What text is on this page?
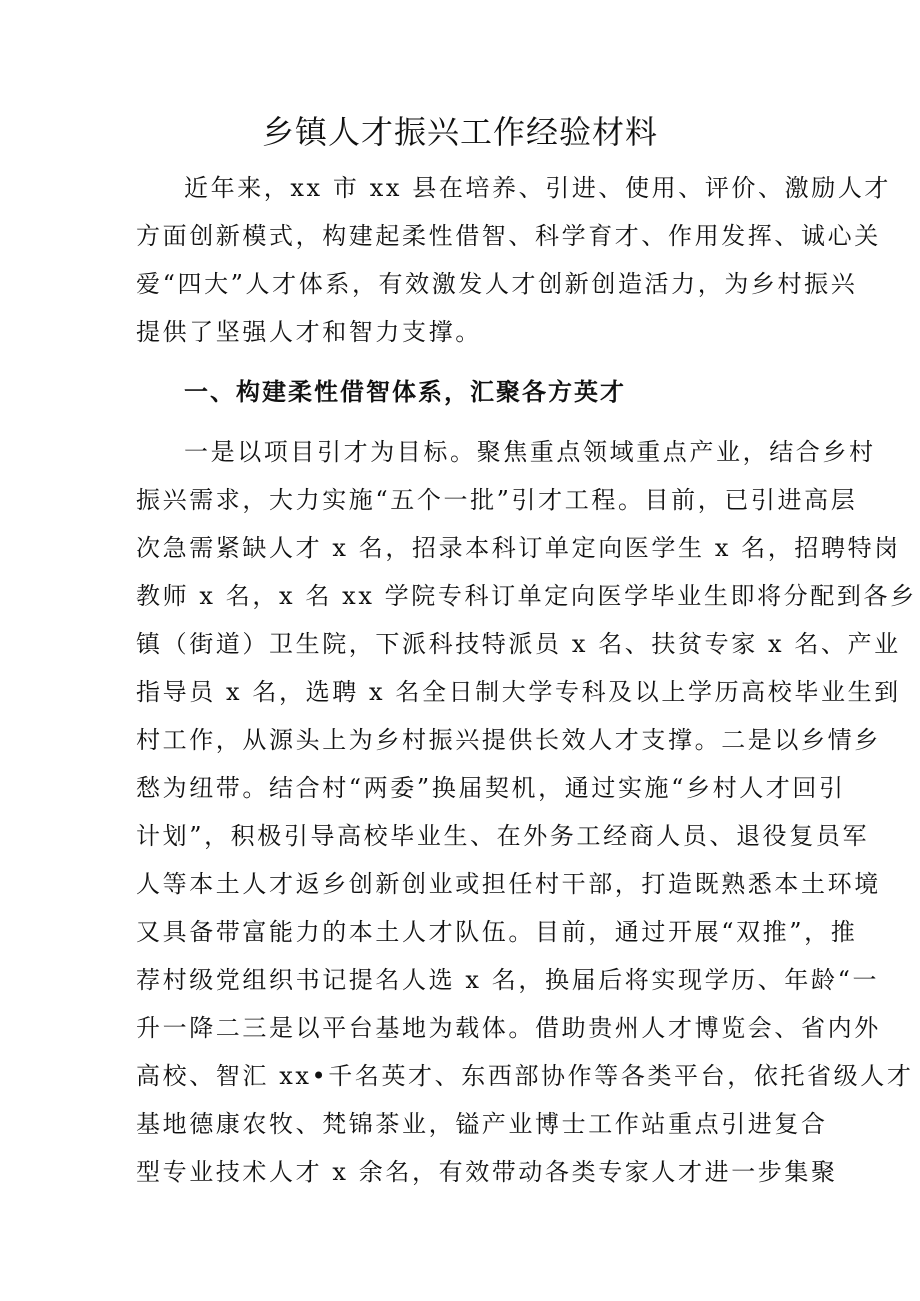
乡镇人才振兴工作经验材料

近年来，xx 市 xx 县在培养、引进、使用、评价、激励人才

方面创新模式，构建起柔性借智、科学育才、作用发挥、诚心关

爱“四大”人才体系，有效激发人才创新创造活力，为乡村振兴

提供了坚强人才和智力支撑。

一、构建柔性借智体系，汇聚各方英才

一是以项目引才为目标。聚焦重点领域重点产业，结合乡村

振兴需求，大力实施“五个一批”引才工程。目前，已引进高层

次急需紧缺人才 x 名，招录本科订单定向医学生 x 名，招聘特岗

教师 x 名，x 名 xx 学院专科订单定向医学毕业生即将分配到各乡

镇（街道）卫生院，下派科技特派员 x 名、扶贫专家 x 名、产业

指导员 x 名，选聘 x 名全日制大学专科及以上学历高校毕业生到

村工作，从源头上为乡村振兴提供长效人才支撑。二是以乡情乡

愁为纽带。结合村“两委”换届契机，通过实施“乡村人才回引

计划”，积极引导高校毕业生、在外务工经商人员、退役复员军

人等本土人才返乡创新创业或担任村干部，打造既熟悉本土环境

又具备带富能力的本土人才队伍。目前，通过开展“双推”，推

荐村级党组织书记提名人选 x 名，换届后将实现学历、年龄“一

升一降二三是以平台基地为载体。借助贵州人才博览会、省内外

高校、智汇 xx•千名英才、东西部协作等各类平台，依托省级人才

基地德康农牧、梵锦茶业，镒产业博士工作站重点引进复合

型专业技术人才 x 余名，有效带动各类专家人才进一步集聚
